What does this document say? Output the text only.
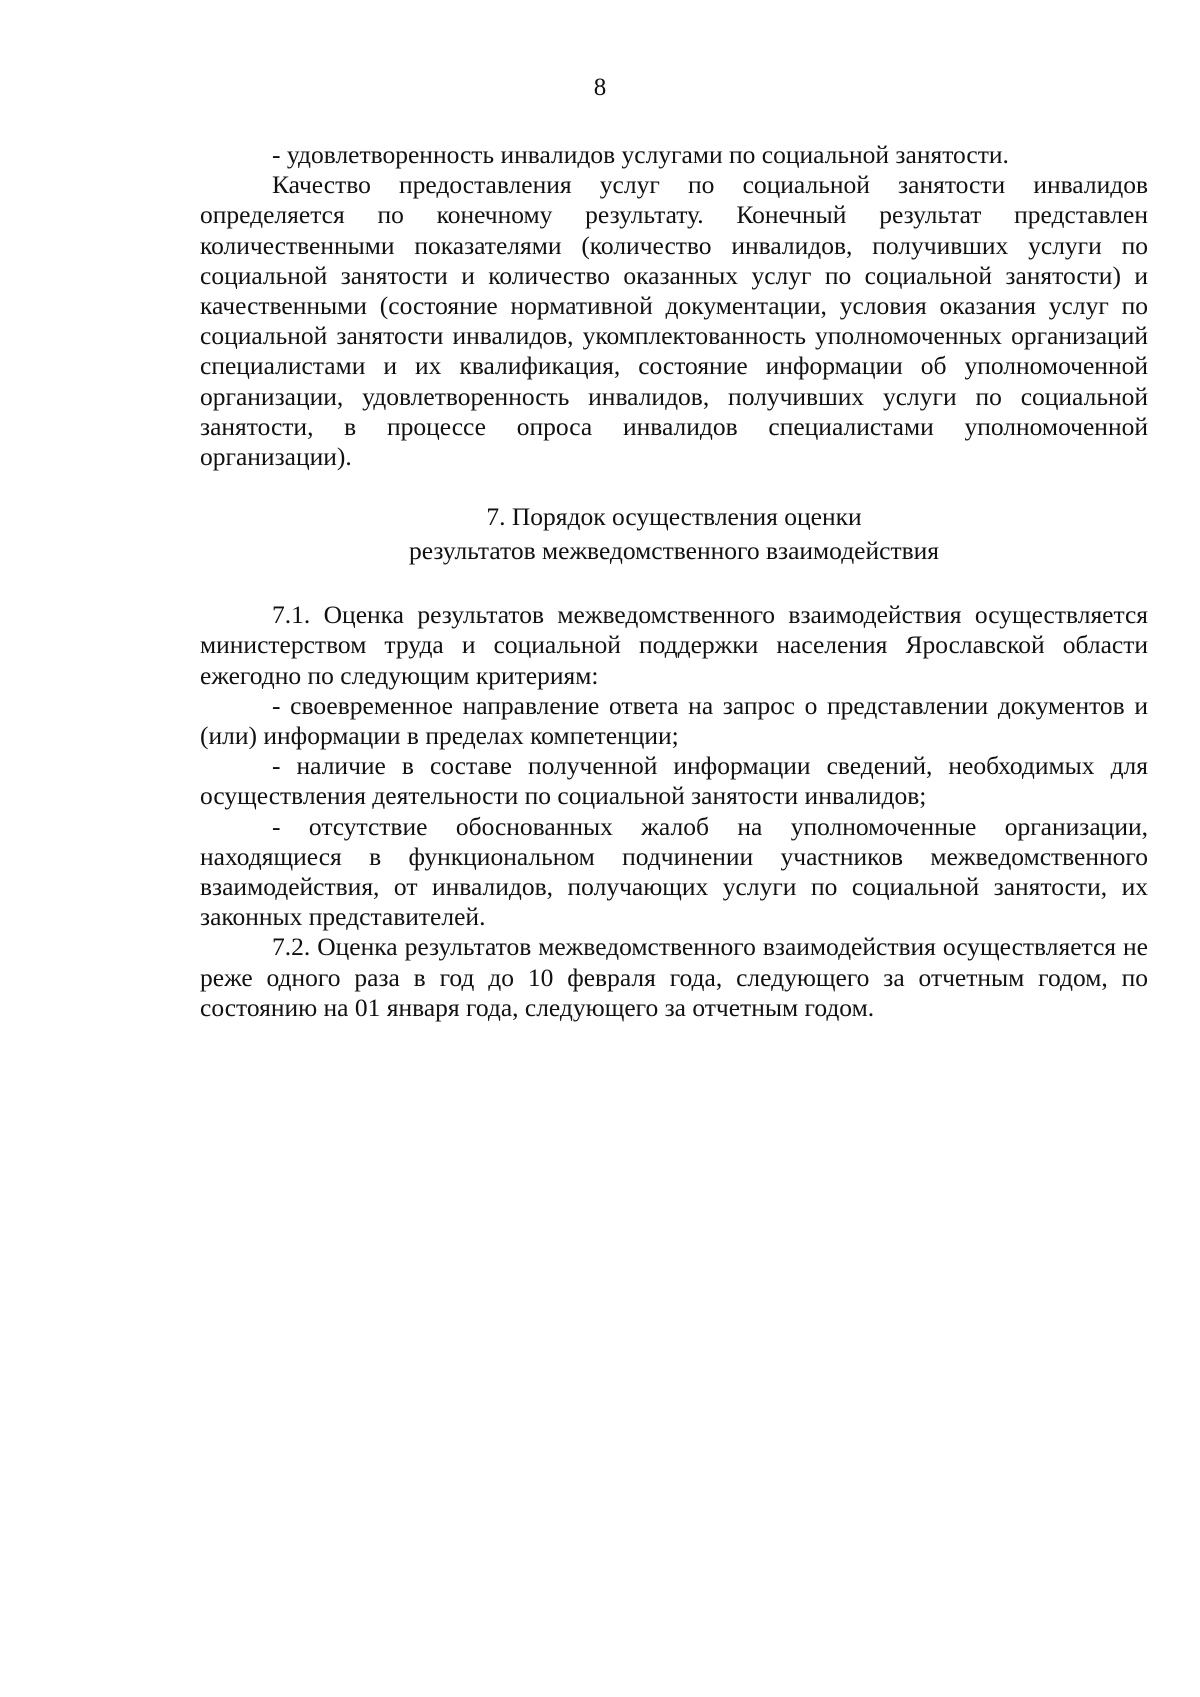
8

- удовлетворенность инвалидов услугами по социальной занятости.

Качество предоставления услуг по социальной занятости инвалидов определяется по конечному результату. Конечный результат представлен количественными показателями (количество инвалидов, получивших услуги по социальной занятости и количество оказанных услуг по социальной занятости) и качественными (состояние нормативной документации, условия оказания услуг по социальной занятости инвалидов, укомплектованность уполномоченных организаций специалистами и их квалификация, состояние информации об уполномоченной организации, удовлетворенность инвалидов, получивших услуги по социальной занятости, в процессе опроса инвалидов специалистами уполномоченной организации).

7. Порядок осуществления оценки
результатов межведомственного взаимодействия

7.1. Оценка результатов межведомственного взаимодействия осуществляется министерством труда и социальной поддержки населения Ярославской области ежегодно по следующим критериям:

- своевременное направление ответа на запрос о представлении документов и (или) информации в пределах компетенции;

- наличие в составе полученной информации сведений, необходимых для осуществления деятельности по социальной занятости инвалидов;

- отсутствие обоснованных жалоб на уполномоченные организации, находящиеся в функциональном подчинении участников межведомственного взаимодействия, от инвалидов, получающих услуги по социальной занятости, их законных представителей.

7.2. Оценка результатов межведомственного взаимодействия осуществляется не реже одного раза в год до 10 февраля года, следующего за отчетным годом, по состоянию на 01 января года, следующего за отчетным годом.
